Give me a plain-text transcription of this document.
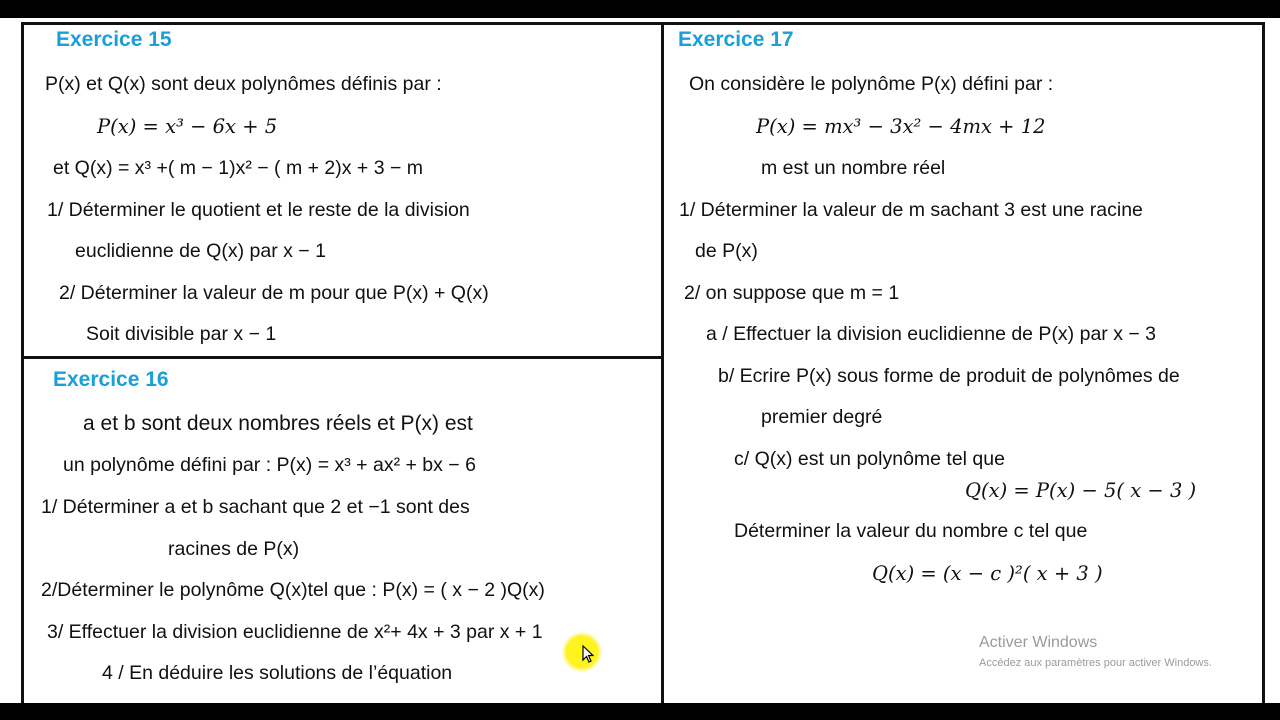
Exercice 15
P(x) et Q(x) sont deux polynômes définis par :
P(x) = x³ − 6x + 5
et Q(x) = x³ +( m − 1)x² − ( m + 2)x + 3 − m
1/ Déterminer le quotient et le reste de la division
euclidienne de Q(x) par x − 1
2/ Déterminer la valeur de m pour que P(x) + Q(x)
Soit divisible par x − 1
Exercice 16
a et b sont deux nombres réels et P(x) est
un polynôme défini par : P(x) = x³ + ax² + bx − 6
1/ Déterminer a et b sachant que 2 et −1 sont des
racines de P(x)
2/Déterminer le polynôme Q(x)tel que : P(x) = ( x − 2 )Q(x)
3/ Effectuer la division euclidienne de x²+ 4x + 3 par x + 1
4 / En déduire les solutions de l’équation
Exercice 17
On considère le polynôme P(x) défini par :
P(x) = mx³ − 3x² − 4mx + 12
m est un nombre réel
1/ Déterminer la valeur de m sachant 3 est une racine
de P(x)
2/ on suppose que m = 1
a / Effectuer la division euclidienne de P(x) par x − 3
b/ Ecrire P(x) sous forme de produit de polynômes de
premier degré
c/ Q(x) est un polynôme tel que
Q(x) = P(x) − 5( x − 3 )
Déterminer la valeur du nombre c tel que
Q(x) = (x − c )²( x + 3 )
Activer Windows
Accédez aux paramètres pour activer Windows.
